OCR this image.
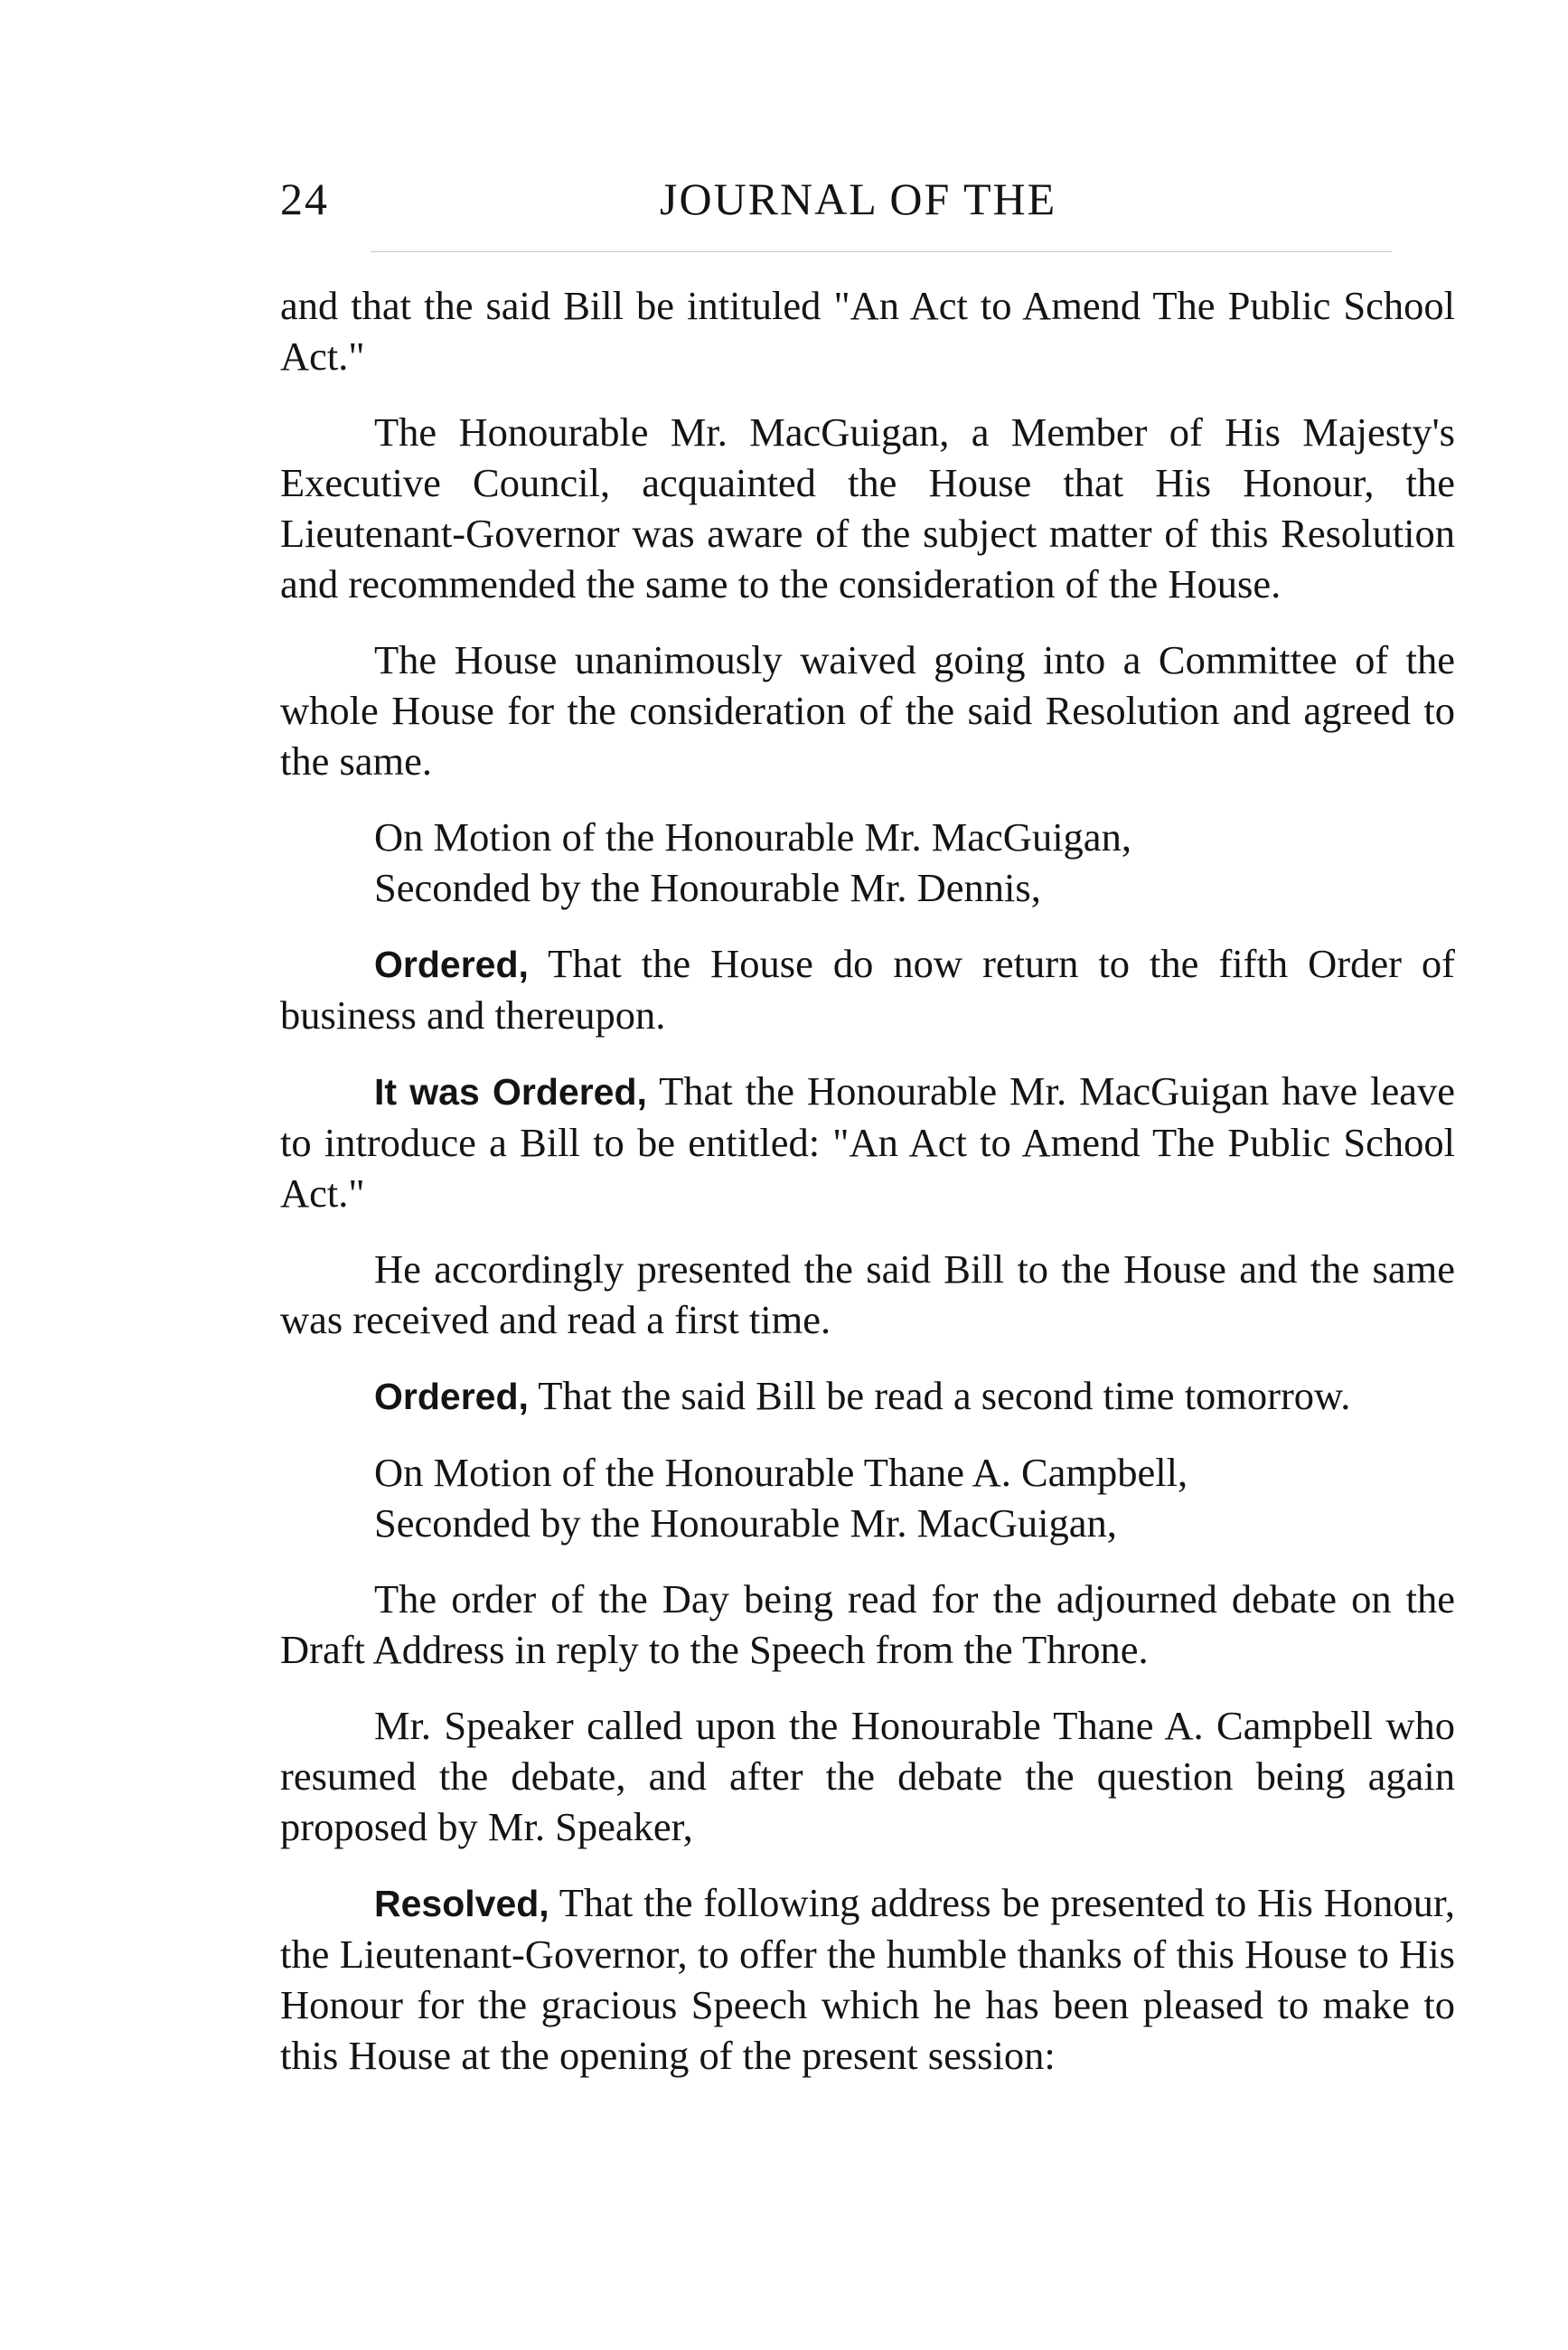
24	JOURNAL OF THE

and that the said Bill be intituled "An Act to Amend The Public School Act."

The Honourable Mr. MacGuigan, a Member of His Majesty's Executive Council, acquainted the House that His Honour, the Lieutenant-Governor was aware of the subject matter of this Resolution and recommended the same to the consideration of the House.

The House unanimously waived going into a Committee of the whole House for the consideration of the said Resolution and agreed to the same.

On Motion of the Honourable Mr. MacGuigan,
Seconded by the Honourable Mr. Dennis,

Ordered, That the House do now return to the fifth Order of business and thereupon.

It was Ordered, That the Honourable Mr. MacGuigan have leave to introduce a Bill to be entitled: "An Act to Amend The Public School Act."

He accordingly presented the said Bill to the House and the same was received and read a first time.

Ordered, That the said Bill be read a second time tomorrow.

On Motion of the Honourable Thane A. Campbell,
Seconded by the Honourable Mr. MacGuigan,

The order of the Day being read for the adjourned debate on the Draft Address in reply to the Speech from the Throne.

Mr. Speaker called upon the Honourable Thane A. Campbell who resumed the debate, and after the debate the question being again proposed by Mr. Speaker,

Resolved, That the following address be presented to His Honour, the Lieutenant-Governor, to offer the humble thanks of this House to His Honour for the gracious Speech which he has been pleased to make to this House at the opening of the present session:
